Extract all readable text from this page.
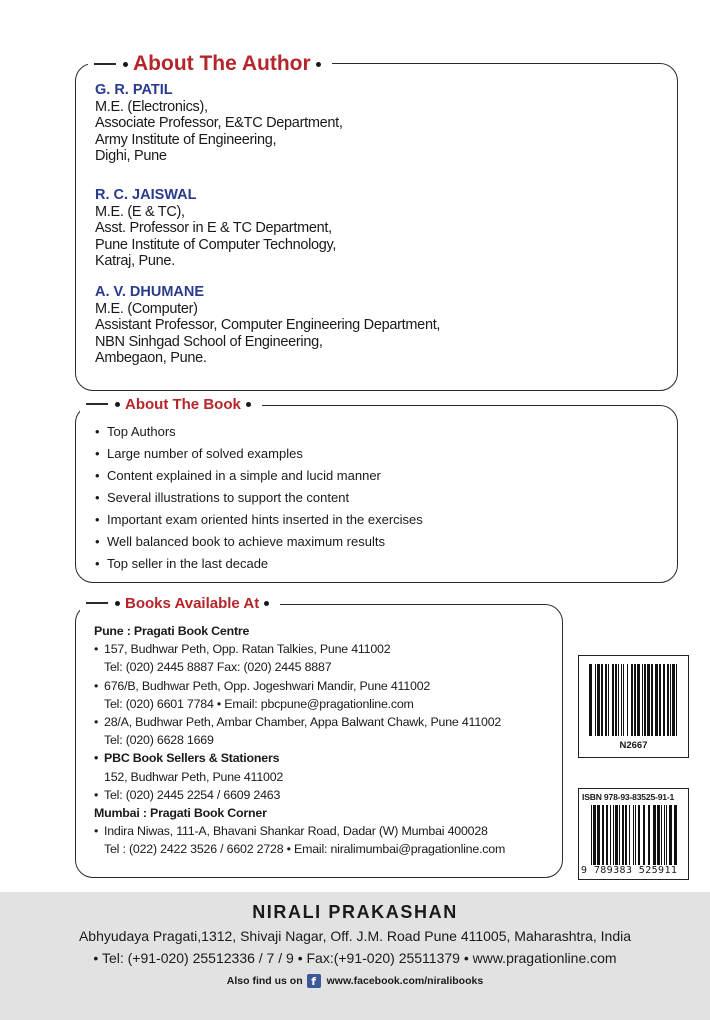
About The Author
G. R. PATIL
M.E. (Electronics),
Associate Professor, E&TC Department,
Army Institute of Engineering,
Dighi, Pune
R. C. JAISWAL
M.E. (E & TC),
Asst. Professor in E & TC Department,
Pune Institute of Computer Technology,
Katraj, Pune.
A. V. DHUMANE
M.E. (Computer)
Assistant Professor, Computer Engineering Department,
NBN Sinhgad School of Engineering,
Ambegaon, Pune.
About The Book
• Top Authors
• Large number of solved examples
• Content explained in a simple and lucid manner
• Several illustrations to support the content
• Important exam oriented hints inserted in the exercises
• Well balanced book to achieve maximum results
• Top seller in the last decade
Books Available At
Pune : Pragati Book Centre
• 157, Budhwar Peth, Opp. Ratan Talkies, Pune 411002
Tel: (020) 2445 8887 Fax: (020) 2445 8887
• 676/B, Budhwar Peth, Opp. Jogeshwari Mandir, Pune 411002
Tel: (020) 6601 7784 • Email: pbcpune@pragationline.com
• 28/A, Budhwar Peth, Ambar Chamber, Appa Balwant Chawk, Pune 411002
Tel: (020) 6628 1669
• PBC Book Sellers & Stationers
152, Budhwar Peth, Pune 411002
• Tel: (020) 2445 2254 / 6609 2463
Mumbai : Pragati Book Corner
• Indira Niwas, 111-A, Bhavani Shankar Road, Dadar (W) Mumbai 400028
Tel : (022) 2422 3526 / 6602 2728 • Email: niralimumbai@pragationline.com
N2667
ISBN 978-93-83525-91-1
9 789383 525911
NIRALI PRAKASHAN
Abhyudaya Pragati,1312, Shivaji Nagar, Off. J.M. Road Pune 411005, Maharashtra, India
• Tel: (+91-020) 25512336 / 7 / 9 • Fax:(+91-020) 25511379 • www.pragationline.com
Also find us on f	www.facebook.com/niralibooks
